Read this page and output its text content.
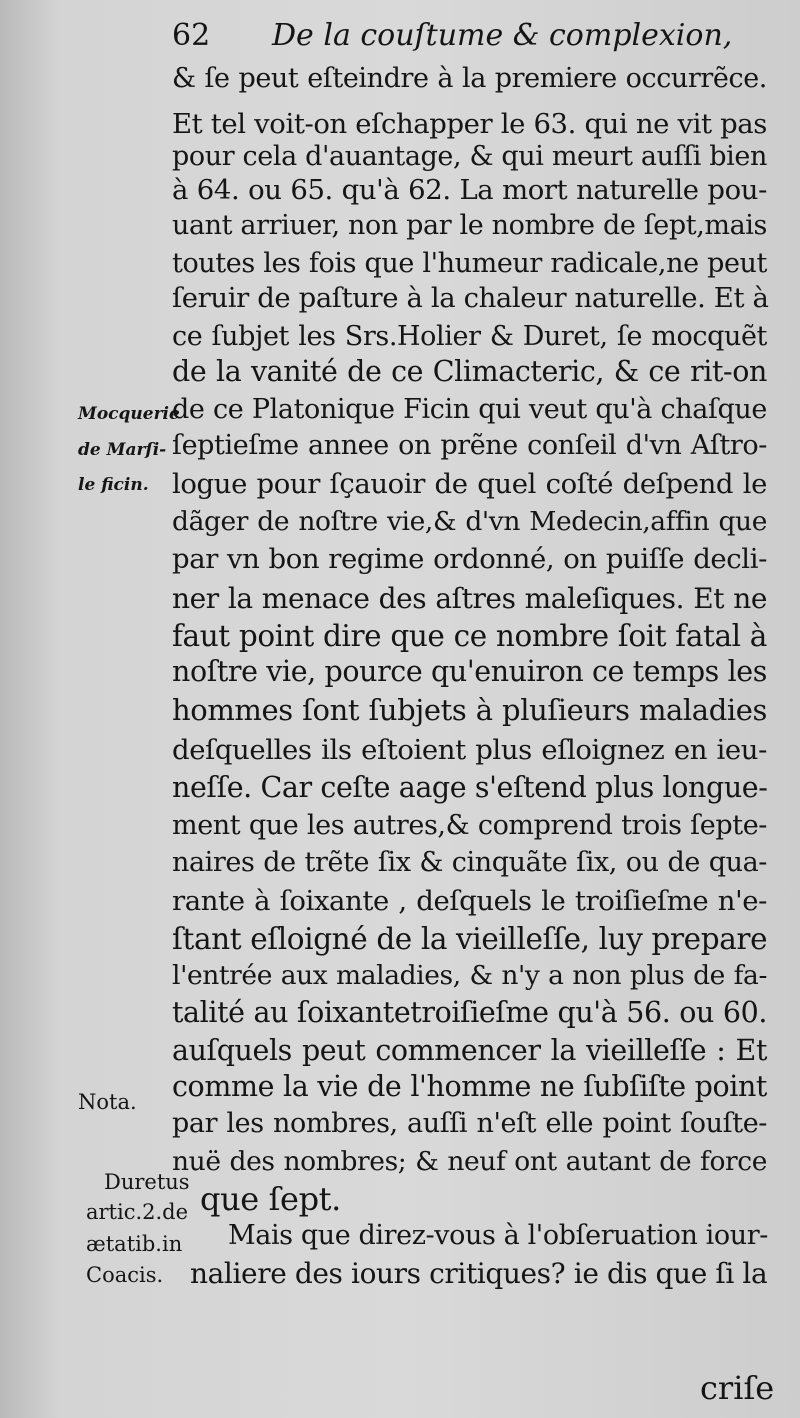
62 De la couſtume & complexion,
& ſe peut eſteindre à la premiere occurrẽce.
Et tel voit-on eſchapper le 63. qui ne vit pas
pour cela d'auantage, & qui meurt auſſi bien
à 64. ou 65. qu'à 62. La mort naturelle pou-
uant arriuer, non par le nombre de ſept,mais
toutes les fois que l'humeur radicale,ne peut
ſeruir de paſture à la chaleur naturelle. Et à
ce ſubjet les Srs.Holier & Duret, ſe mocquẽt
de la vanité de ce Climacteric, & ce rit-on
de ce Platonique Ficin qui veut qu'à chaſque
ſeptieſme annee on prẽne conſeil d'vn Aſtro-
logue pour ſçauoir de quel coſté deſpend le
dãger de noſtre vie,& d'vn Medecin,affin que
par vn bon regime ordonné, on puiſſe decli-
ner la menace des aſtres maleſiques. Et ne
faut point dire que ce nombre ſoit fatal à
noſtre vie, pource qu'enuiron ce temps les
hommes ſont ſubjets à pluſieurs maladies
deſquelles ils eſtoient plus eſloignez en ieu-
neſſe. Car ceſte aage s'eſtend plus longue-
ment que les autres,& comprend trois ſepte-
naires de trẽte ſix & cinquãte ſix, ou de qua-
rante à ſoixante , deſquels le troiſieſme n'e-
ſtant eſloigné de la vieilleſſe, luy prepare
l'entrée aux maladies, & n'y a non plus de fa-
talité au ſoixantetroiſieſme qu'à 56. ou 60.
auſquels peut commencer la vieilleſſe : Et
comme la vie de l'homme ne ſubſiſte point
par les nombres, auſſi n'eſt elle point ſouſte-
nuë des nombres; & neuf ont autant de force
que ſept.
Mais que direz-vous à l'obſeruation iour-
naliere des iours critiques? ie dis que ſi la
criſe
Mocquerie
de Marſi-
le ficin.
Nota.
Duretus
artic.2.de
ætatib.in
Coacis.
